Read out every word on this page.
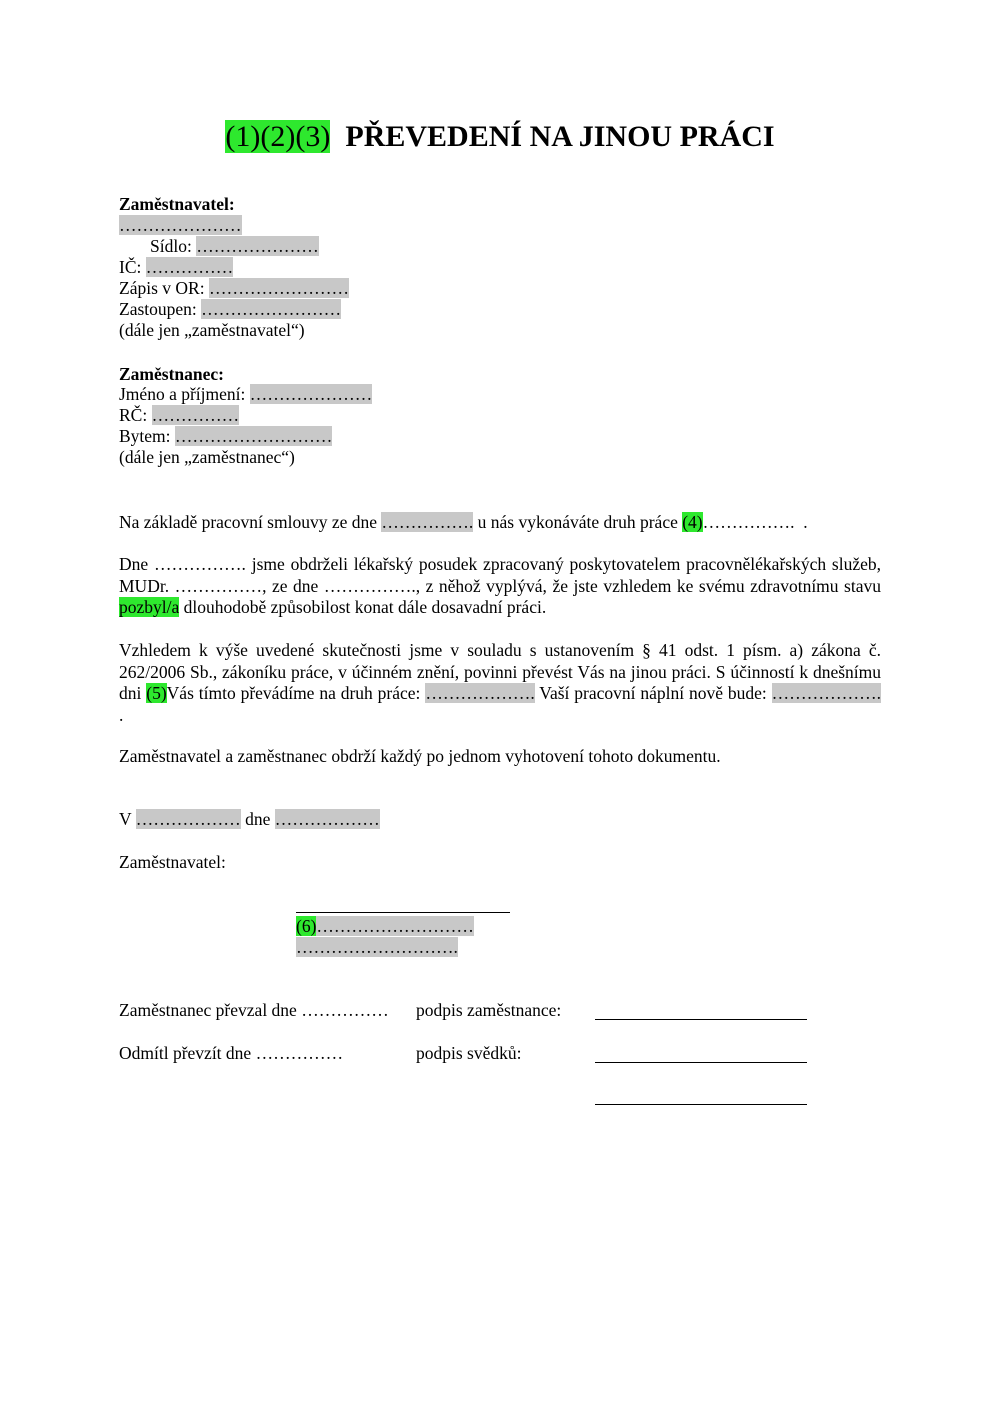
(1)(2)(3) PŘEVEDENÍ NA JINOU PRÁCI
Zaměstnavatel:
…………………
Sídlo: …………………
IČ: ……………
Zápis v OR: ……………………
Zastoupen: ……………………
(dále jen „zaměstnavatel“)
Zaměstnanec:
Jméno a příjmení: …………………
RČ: ……………
Bytem: ………………………
(dále jen „zaměstnanec“)
Na základě pracovní smlouvy ze dne ……………. u nás vykonáváte druh práce (4)……………. .
Dne ……………. jsme obdrželi lékařský posudek zpracovaný poskytovatelem pracovnělékařských služeb, MUDr. ……………, ze dne ……………., z něhož vyplývá, že jste vzhledem ke svému zdravotnímu stavu pozbyl/a dlouhodobě způsobilost konat dále dosavadní práci.
Vzhledem k výše uvedené skutečnosti jsme v souladu s ustanovením § 41 odst. 1 písm. a) zákona č. 262/2006 Sb., zákoníku práce, v účinném znění, povinni převést Vás na jinou práci. S účinností k dnešnímu dni (5)Vás tímto převádíme na druh práce: ………………. Vaší pracovní náplní nově bude: ………………. .
Zaměstnavatel a zaměstnanec obdrží každý po jednom vyhotovení tohoto dokumentu.
V ……………… dne ………………
Zaměstnavatel:
(6)………………………
……………………….
Zaměstnanec převzal dne …………… podpis zaměstnance:
Odmítl převzít dne ……………	podpis svědků:
